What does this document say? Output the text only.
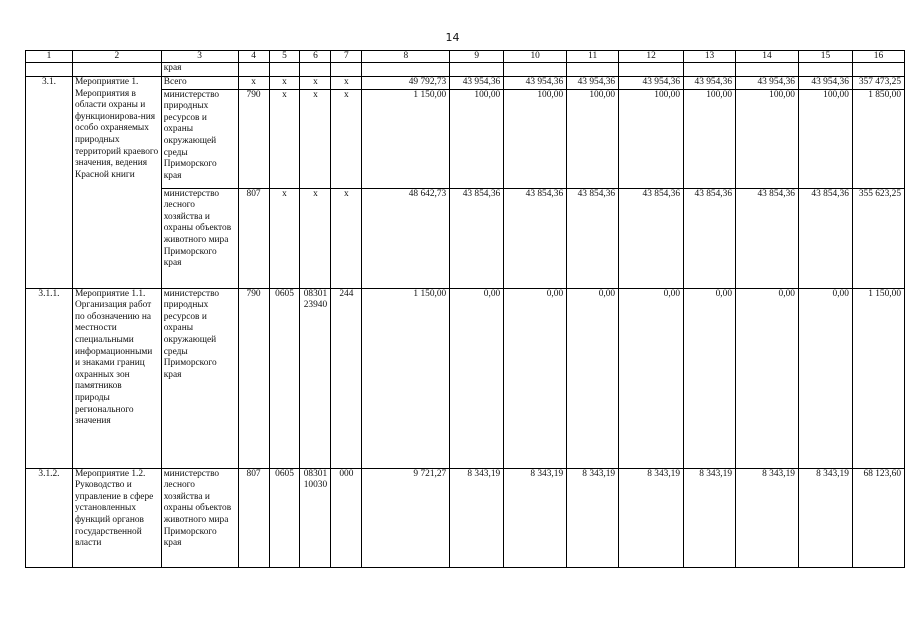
14
1	2	3	4	5	6	7	8	9	10	11	12	13	14	15	16
		края													
3.1.	Мероприятие 1. Мероприятия в области охраны и функционирова-ния особо охраняемых природных территорий краевого значения, ведения Красной книги	Всего	x	x	x	x	49 792,73	43 954,36	43 954,36	43 954,36	43 954,36	43 954,36	43 954,36	43 954,36	357 473,25
		министерство природных ресурсов и охраны окружающей среды Приморского края	790	x	x	x	1 150,00	100,00	100,00	100,00	100,00	100,00	100,00	100,00	1 850,00
		министерство лесного хозяйства и охраны объектов животного мира Приморского края	807	x	x	x	48 642,73	43 854,36	43 854,36	43 854,36	43 854,36	43 854,36	43 854,36	43 854,36	355 623,25
3.1.1.	Мероприятие 1.1. Организация работ по обозначению на местности специальными информационными и знаками границ охранных зон памятников природы регионального значения	министерство природных ресурсов и охраны окружающей среды Приморского края	790	0605	08301 23940	244	1 150,00	0,00	0,00	0,00	0,00	0,00	0,00	0,00	1 150,00
3.1.2.	Мероприятие 1.2. Руководство и управление в сфере установленных функций органов государственной власти	министерство лесного хозяйства и охраны объектов животного мира Приморского края	807	0605	08301 10030	000	9 721,27	8 343,19	8 343,19	8 343,19	8 343,19	8 343,19	8 343,19	8 343,19	68 123,60
